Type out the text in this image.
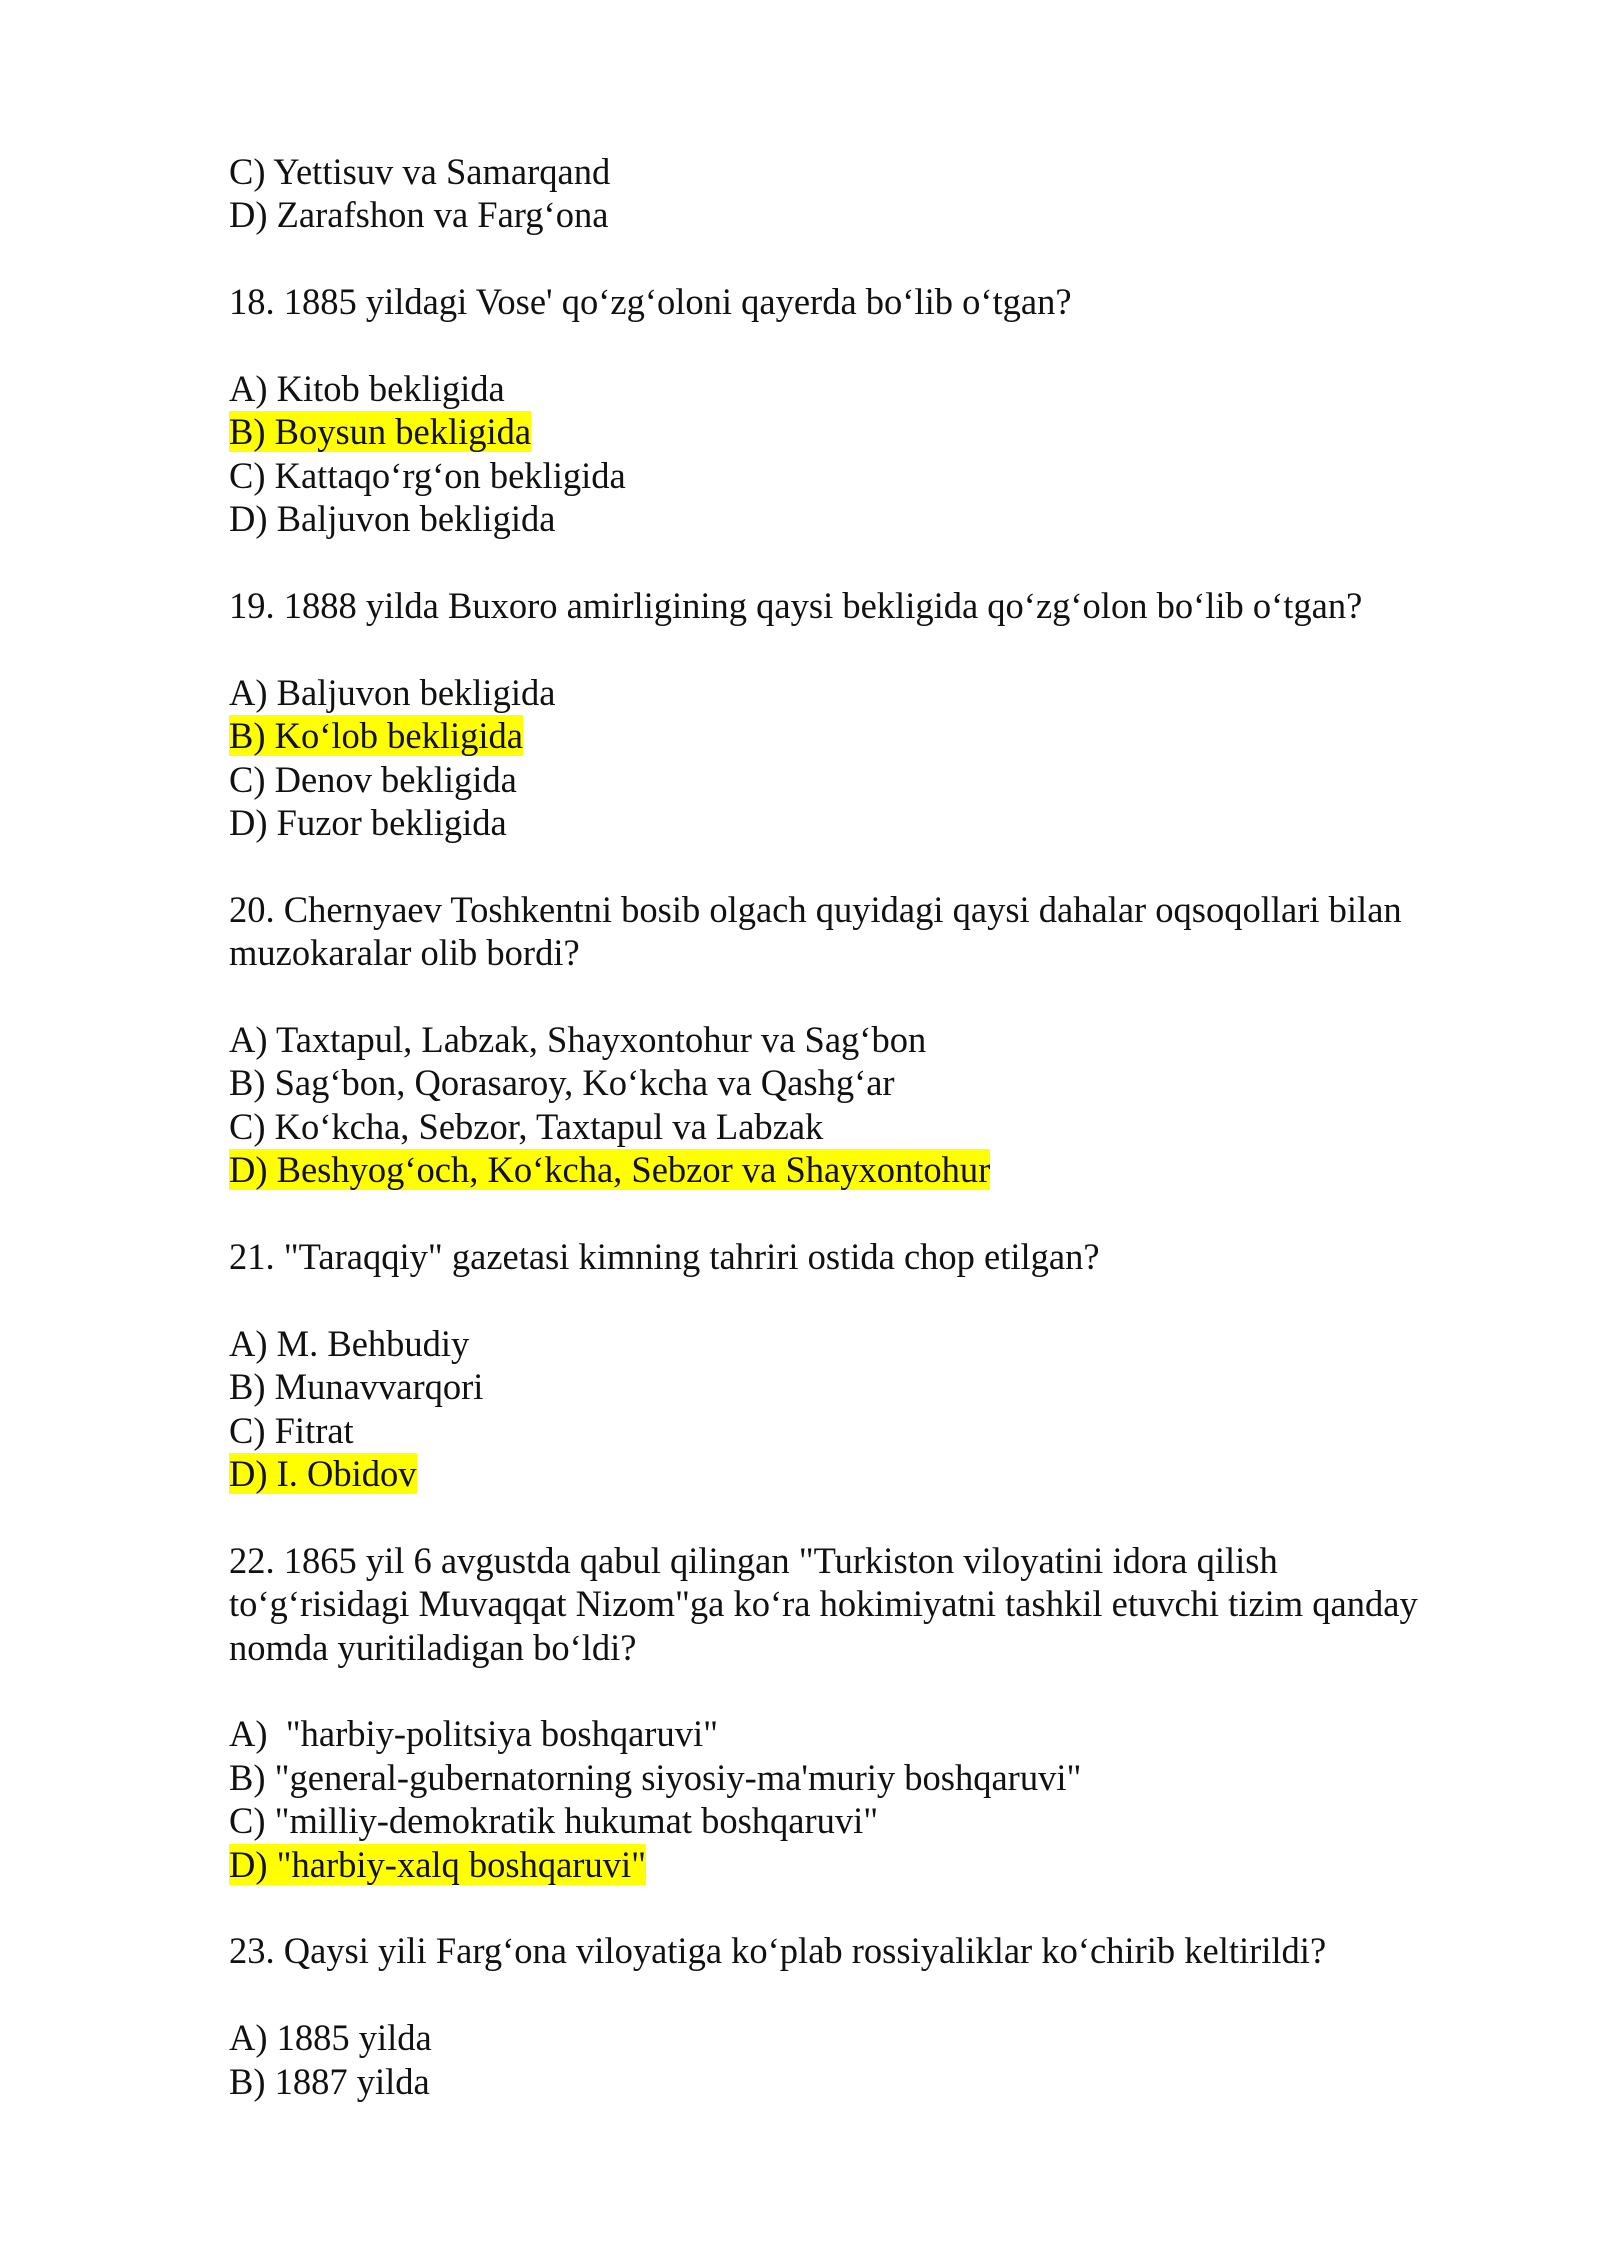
C) Yettisuv va Samarqand
D) Zarafshon va Farg‘ona
18. 1885 yildagi Vose' qo‘zg‘oloni qayerda bo‘lib o‘tgan?
A) Kitob bekligida
B) Boysun bekligida
C) Kattaqo‘rg‘on bekligida
D) Baljuvon bekligida
19. 1888 yilda Buxoro amirligining qaysi bekligida qo‘zg‘olon bo‘lib o‘tgan?
A) Baljuvon bekligida
B) Ko‘lob bekligida
C) Denov bekligida
D) Fuzor bekligida
20. Chernyaev Toshkentni bosib olgach quyidagi qaysi dahalar oqsoqollari bilan
muzokaralar olib bordi?
A) Taxtapul, Labzak, Shayxontohur va Sag‘bon
B) Sag‘bon, Qorasaroy, Ko‘kcha va Qashg‘ar
C) Ko‘kcha, Sebzor, Taxtapul va Labzak
D) Beshyog‘och, Ko‘kcha, Sebzor va Shayxontohur
21. "Taraqqiy" gazetasi kimning tahriri ostida chop etilgan?
A) M. Behbudiy
B) Munavvarqori
C) Fitrat
D) I. Obidov
22. 1865 yil 6 avgustda qabul qilingan "Turkiston viloyatini idora qilish
to‘g‘risidagi Muvaqqat Nizom"ga ko‘ra hokimiyatni tashkil etuvchi tizim qanday
nomda yuritiladigan bo‘ldi?
A)  "harbiy-politsiya boshqaruvi"
B) "general-gubernatorning siyosiy-ma'muriy boshqaruvi"
C) "milliy-demokratik hukumat boshqaruvi"
D) "harbiy-xalq boshqaruvi"
23. Qaysi yili Farg‘ona viloyatiga ko‘plab rossiyaliklar ko‘chirib keltirildi?
A) 1885 yilda
B) 1887 yilda
